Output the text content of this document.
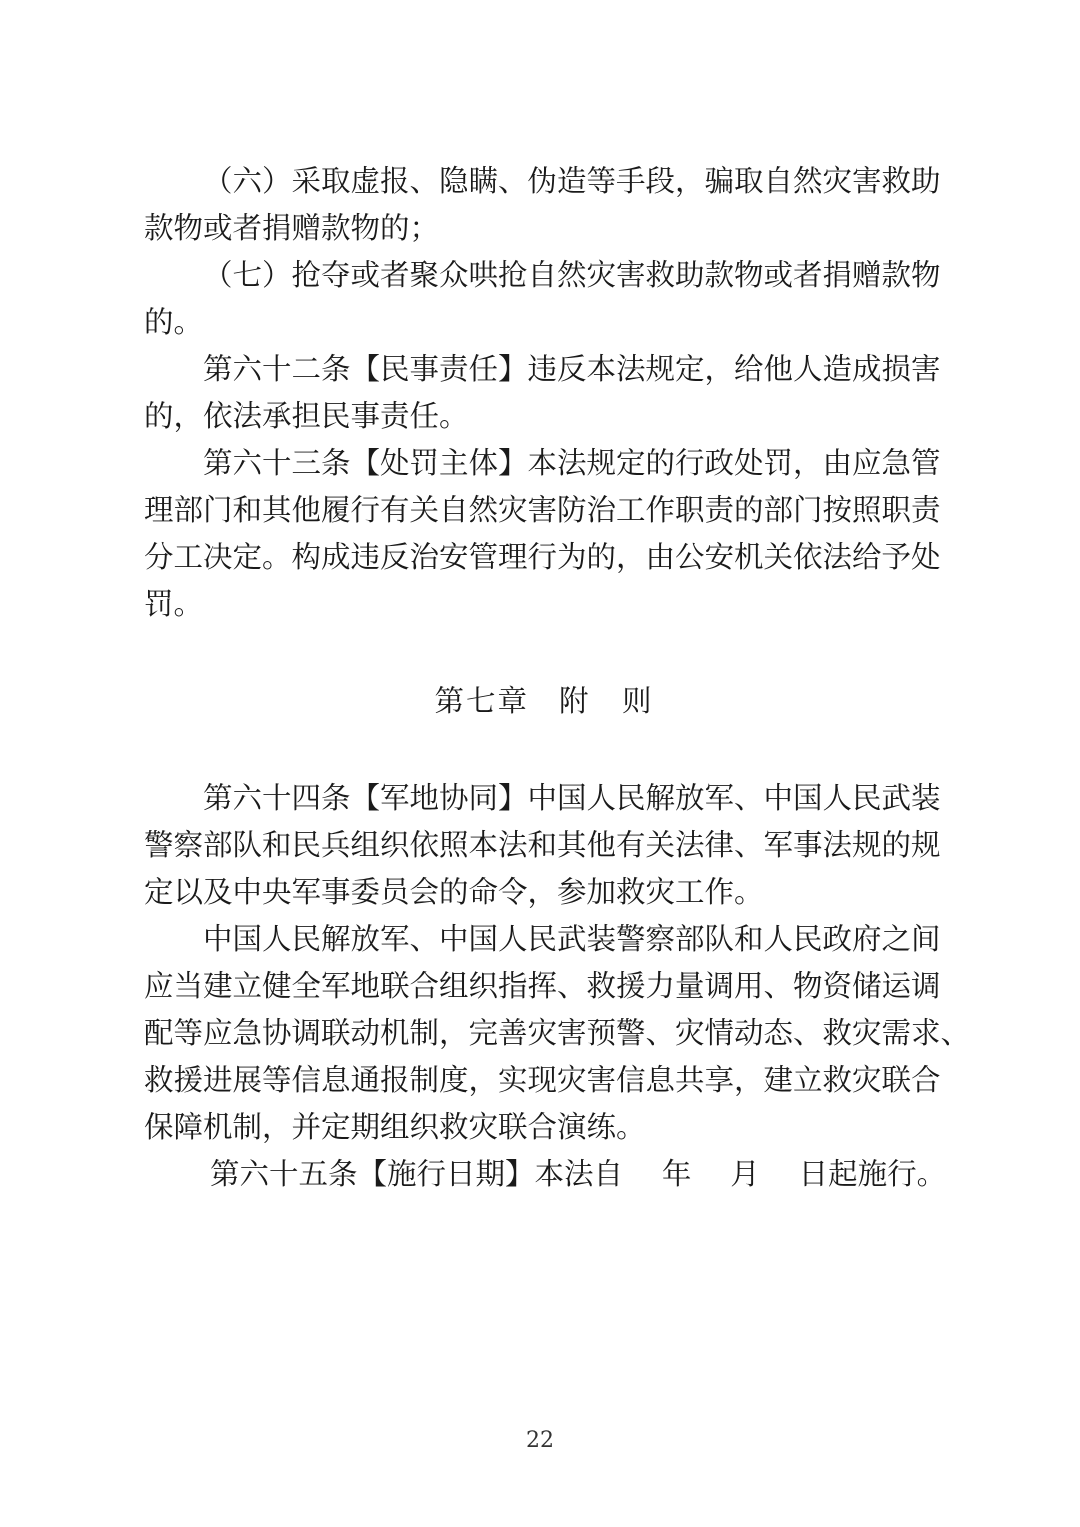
（六）采取虚报、隐瞒、伪造等手段，骗取自然灾害救助
款物或者捐赠款物的；

（七）抢夺或者聚众哄抢自然灾害救助款物或者捐赠款物
的。

第六十二条【民事责任】违反本法规定，给他人造成损害
的，依法承担民事责任。

第六十三条【处罚主体】本法规定的行政处罚，由应急管
理部门和其他履行有关自然灾害防治工作职责的部门按照职责
分工决定。构成违反治安管理行为的，由公安机关依法给予处
罚。

第七章 附　则

第六十四条【军地协同】中国人民解放军、中国人民武装
警察部队和民兵组织依照本法和其他有关法律、军事法规的规
定以及中央军事委员会的命令，参加救灾工作。

中国人民解放军、中国人民武装警察部队和人民政府之间
应当建立健全军地联合组织指挥、救援力量调用、物资储运调
配等应急协调联动机制，完善灾害预警、灾情动态、救灾需求、
救援进展等信息通报制度，实现灾害信息共享，建立救灾联合
保障机制，并定期组织救灾联合演练。

第六十五条【施行日期】本法自　 年　 月　 日起施行。

22
